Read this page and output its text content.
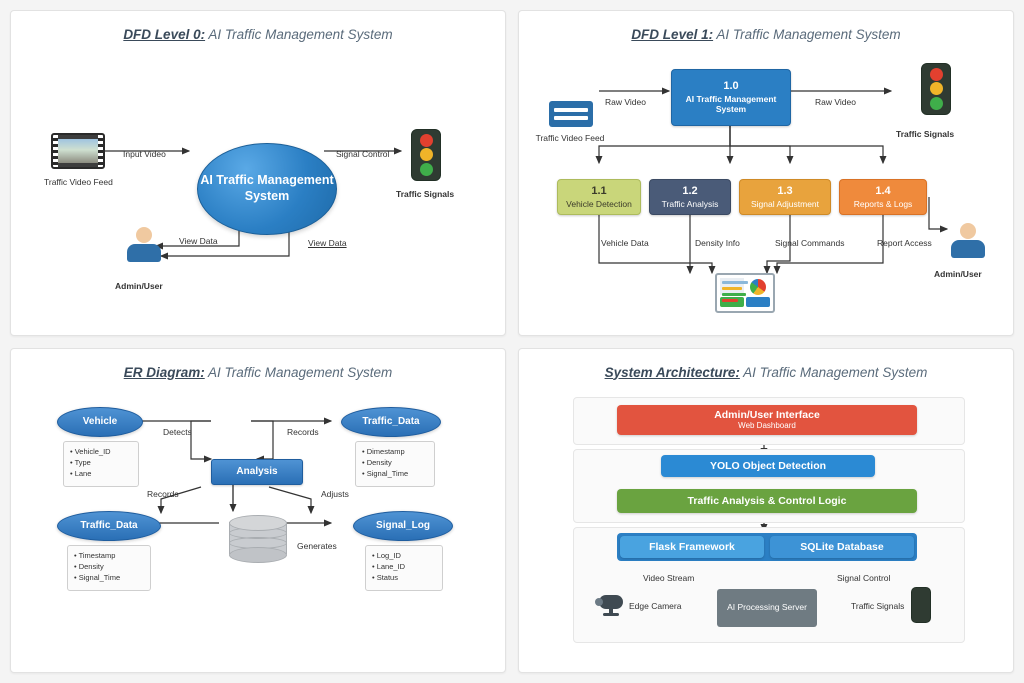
DFD Level 0: AI Traffic Management System
Traffic Video Feed	AI Traffic Management System	Traffic Signals
Admin/User
Input Video	Signal Control
View Data	View Data
DFD Level 1: AI Traffic Management System
Traffic Video Feed
1.0
AI Traffic Management System
Traffic Signals
1.1
Vehicle Detection
1.2
Traffic Analysis
1.3
Signal Adjustment
1.4
Reports & Logs
Admin/User
Raw Video	Raw Video
Vehicle Data	Density Info	Signal Commands	Report Access
ER Diagram: AI Traffic Management System
Vehicle
• Vehicle_ID
• Type
• Lane
Traffic_Data
• Dimestamp
• Density
• Signal_Time
Analysis
Traffic_Data
• Timestamp
• Density
• Signal_Time
Signal_Log
• Log_ID
• Lane_ID
• Status
Detects	Records
Records	Adjusts
Generates
System Architecture: AI Traffic Management System
Admin/User Interface
Web Dashboard
YOLO Object Detection
Traffic Analysis & Control Logic
Flask Framework	SQLite Database
Edge Camera	AI Processing Server	Traffic Signals
Video Stream	Signal Control
